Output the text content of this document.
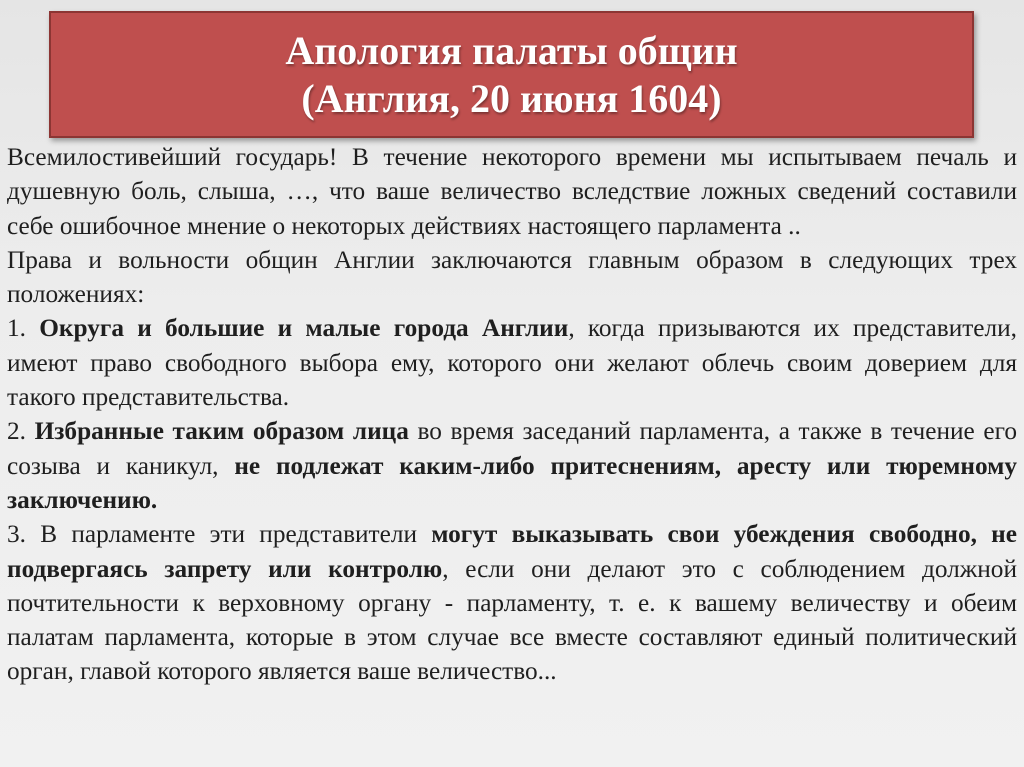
Апология палаты общин
(Англия, 20 июня 1604)

Всемилостивейший государь! В течение некоторого времени мы испытываем печаль и душевную боль, слыша, …, что ваше величество вследствие ложных сведений составили себе ошибочное мнение о некоторых действиях настоящего парламента ..

Права и вольности общин Англии заключаются главным образом в следующих трех положениях:

1. Округа и большие и малые города Англии, когда призываются их представители, имеют право свободного выбора ему, которого они желают облечь своим доверием для такого представительства.

2. Избранные таким образом лица во время заседаний парламента, а также в течение его созыва и каникул, не подлежат каким-либо притеснениям, аресту или тюремному заключению.

3. В парламенте эти представители могут выказывать свои убеждения свободно, не подвергаясь запрету или контролю, если они делают это с соблюдением должной почтительности к верховному органу - парламенту, т. е. к вашему величеству и обеим палатам парламента, которые в этом случае все вместе составляют единый политический орган, главой которого является ваше величество...
